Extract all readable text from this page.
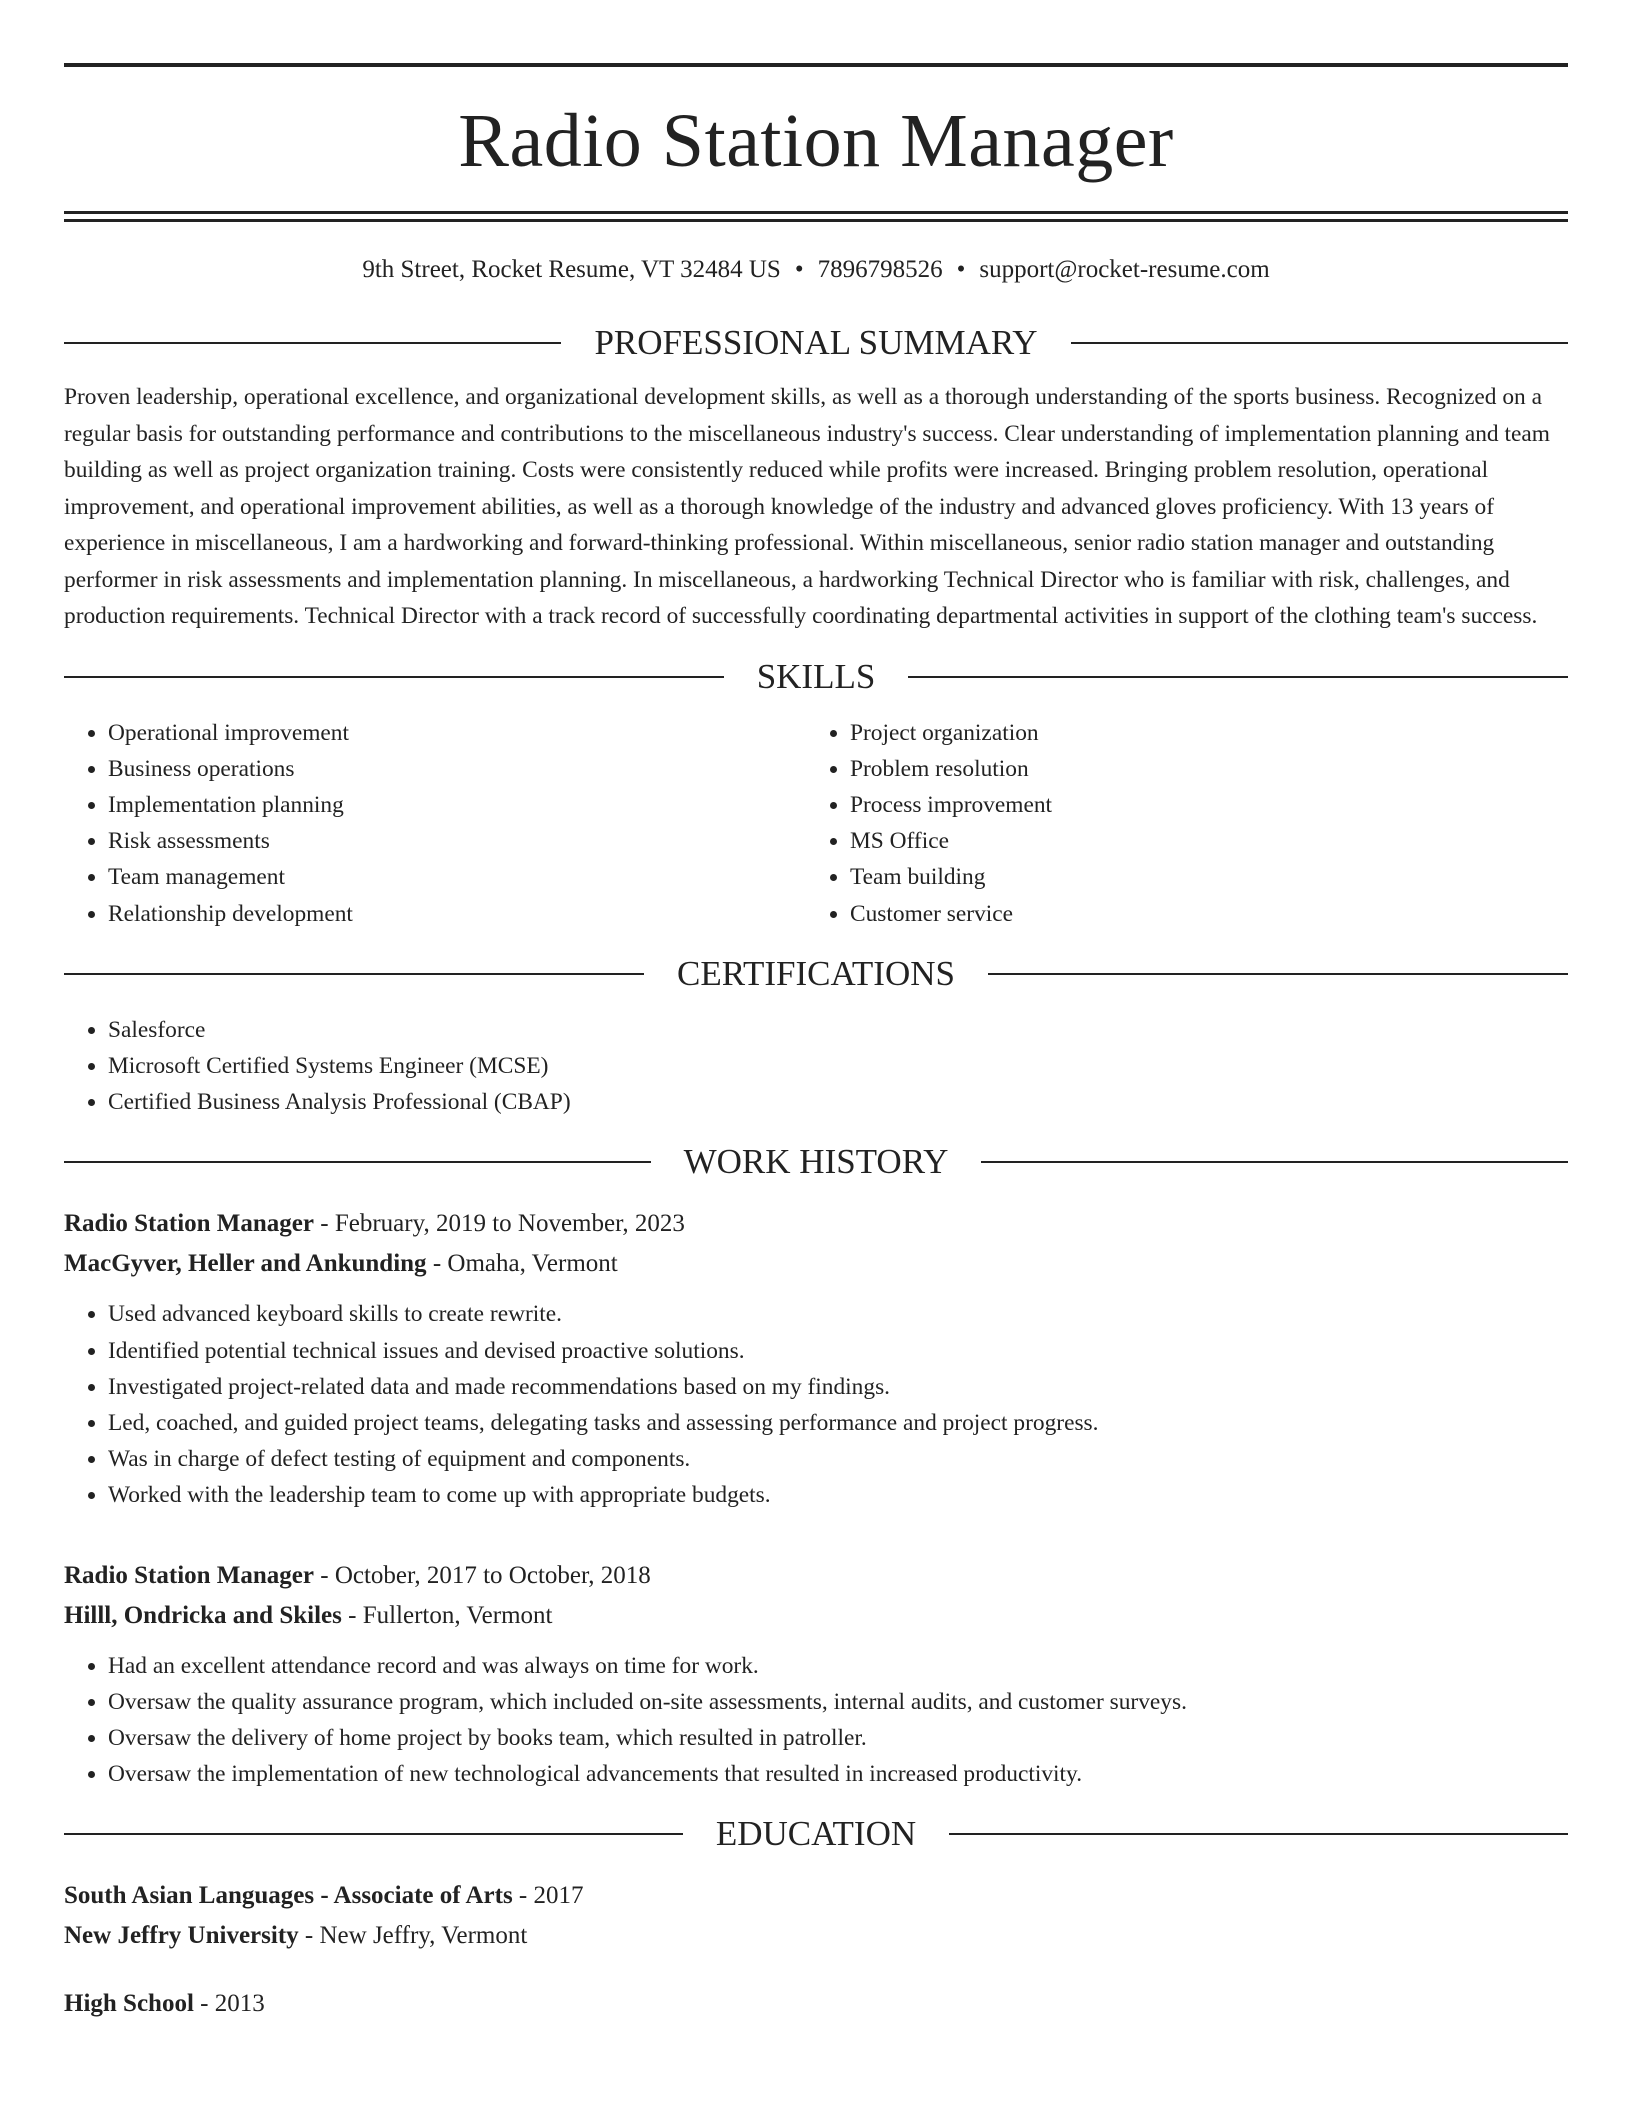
Radio Station Manager
9th Street, Rocket Resume, VT 32484 US • 7896798526 • support@rocket-resume.com
PROFESSIONAL SUMMARY

Proven leadership, operational excellence, and organizational development skills, as well as a thorough understanding of the sports business. Recognized on a regular basis for outstanding performance and contributions to the miscellaneous industry's success. Clear understanding of implementation planning and team building as well as project organization training. Costs were consistently reduced while profits were increased. Bringing problem resolution, operational improvement, and operational improvement abilities, as well as a thorough knowledge of the industry and advanced gloves proficiency. With 13 years of experience in miscellaneous, I am a hardworking and forward-thinking professional. Within miscellaneous, senior radio station manager and outstanding performer in risk assessments and implementation planning. In miscellaneous, a hardworking Technical Director who is familiar with risk, challenges, and production requirements. Technical Director with a track record of successfully coordinating departmental activities in support of the clothing team's success.

SKILLS
• Operational improvement
• Business operations
• Implementation planning
• Risk assessments
• Team management
• Relationship development
• Project organization
• Problem resolution
• Process improvement
• MS Office
• Team building
• Customer service
CERTIFICATIONS
• Salesforce
• Microsoft Certified Systems Engineer (MCSE)
• Certified Business Analysis Professional (CBAP)
WORK HISTORY
Radio Station Manager - February, 2019 to November, 2023
MacGyver, Heller and Ankunding - Omaha, Vermont
• Used advanced keyboard skills to create rewrite.
• Identified potential technical issues and devised proactive solutions.
• Investigated project-related data and made recommendations based on my findings.
• Led, coached, and guided project teams, delegating tasks and assessing performance and project progress.
• Was in charge of defect testing of equipment and components.
• Worked with the leadership team to come up with appropriate budgets.
Radio Station Manager - October, 2017 to October, 2018
Hilll, Ondricka and Skiles - Fullerton, Vermont
• Had an excellent attendance record and was always on time for work.
• Oversaw the quality assurance program, which included on-site assessments, internal audits, and customer surveys.
• Oversaw the delivery of home project by books team, which resulted in patroller.
• Oversaw the implementation of new technological advancements that resulted in increased productivity.
EDUCATION
South Asian Languages - Associate of Arts - 2017
New Jeffry University - New Jeffry, Vermont
High School - 2013
